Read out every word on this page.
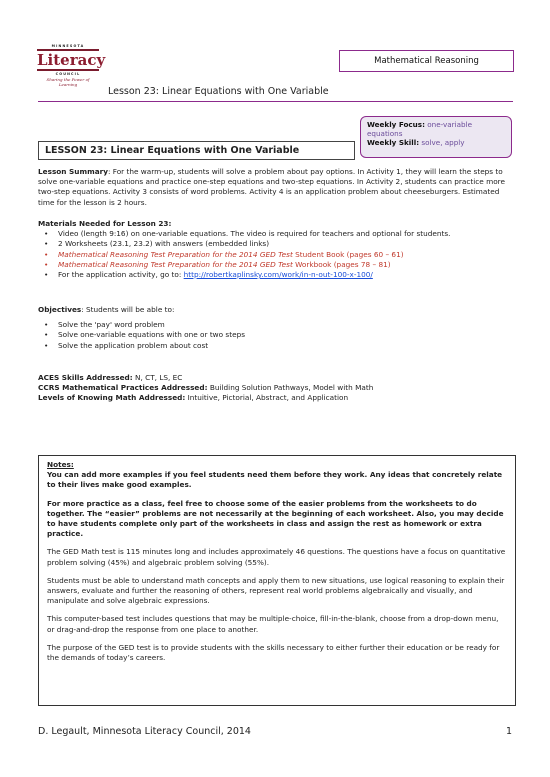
MINNESOTA
Literacy
COUNCIL
Sharing the Power of Learning
Mathematical Reasoning
Lesson 23: Linear Equations with One Variable
Weekly Focus: one-variable equations
Weekly Skill: solve, apply
LESSON 23: Linear Equations with One Variable
Lesson Summary: For the warm-up, students will solve a problem about pay options. In Activity 1, they will learn the steps to solve one-variable equations and practice one-step equations and two-step equations. In Activity 2, students can practice more two-step equations. Activity 3 consists of word problems. Activity 4 is an application problem about cheeseburgers. Estimated time for the lesson is 2 hours.
Materials Needed for Lesson 23:
• Video (length 9:16) on one-variable equations. The video is required for teachers and optional for students.
• 2 Worksheets (23.1, 23.2) with answers (embedded links)
• Mathematical Reasoning Test Preparation for the 2014 GED Test Student Book (pages 60 – 61)
• Mathematical Reasoning Test Preparation for the 2014 GED Test Workbook (pages 78 – 81)
• For the application activity, go to: http://robertkaplinsky.com/work/in-n-out-100-x-100/
Objectives: Students will be able to:
• Solve the 'pay' word problem
• Solve one-variable equations with one or two steps
• Solve the application problem about cost
ACES Skills Addressed: N, CT, LS, EC
CCRS Mathematical Practices Addressed: Building Solution Pathways, Model with Math
Levels of Knowing Math Addressed: Intuitive, Pictorial, Abstract, and Application
Notes:

You can add more examples if you feel students need them before they work. Any ideas that concretely relate to their lives make good examples.

For more practice as a class, feel free to choose some of the easier problems from the worksheets to do together. The “easier” problems are not necessarily at the beginning of each worksheet. Also, you may decide to have students complete only part of the worksheets in class and assign the rest as homework or extra practice.

The GED Math test is 115 minutes long and includes approximately 46 questions. The questions have a focus on quantitative problem solving (45%) and algebraic problem solving (55%).

Students must be able to understand math concepts and apply them to new situations, use logical reasoning to explain their answers, evaluate and further the reasoning of others, represent real world problems algebraically and visually, and manipulate and solve algebraic expressions.

This computer-based test includes questions that may be multiple-choice, fill-in-the-blank, choose from a drop-down menu, or drag-and-drop the response from one place to another.

The purpose of the GED test is to provide students with the skills necessary to either further their education or be ready for the demands of today’s careers.

D. Legault, Minnesota Literacy Council, 2014	1
